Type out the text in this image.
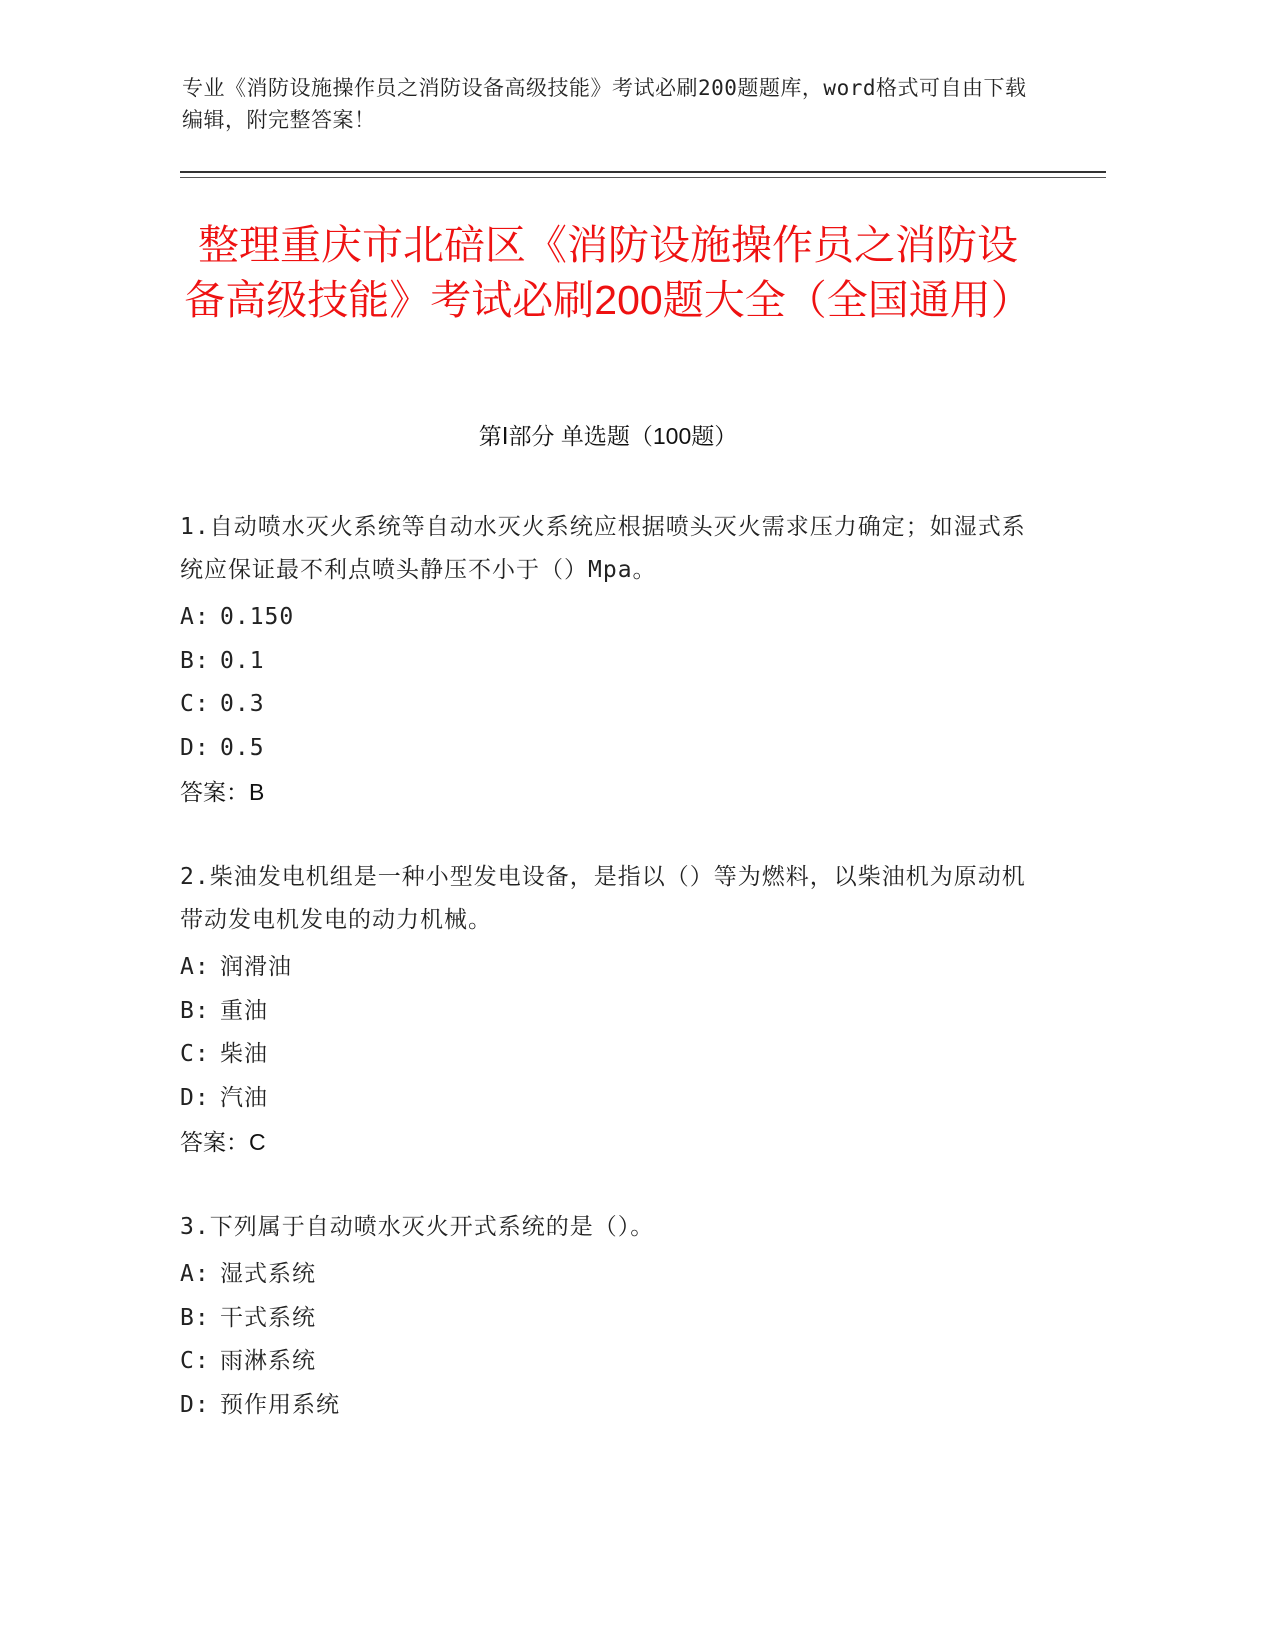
专业《消防设施操作员之消防设备高级技能》考试必刷200题题库，word格式可自由下载编辑，附完整答案！

整理重庆市北碚区《消防设施操作员之消防设备高级技能》考试必刷200题大全（全国通用）
第Ⅰ部分 单选题（100题）

1.自动喷水灭火系统等自动水灭火系统应根据喷头灭火需求压力确定；如湿式系统应保证最不利点喷头静压不小于（）Mpa。

A: 0.150
B: 0.1
C: 0.3
D: 0.5
答案：B

2.柴油发电机组是一种小型发电设备，是指以（）等为燃料，以柴油机为原动机带动发电机发电的动力机械。

A: 润滑油
B: 重油
C: 柴油
D: 汽油
答案：C

3.下列属于自动喷水灭火开式系统的是（）。

A: 湿式系统
B: 干式系统
C: 雨淋系统
D: 预作用系统
